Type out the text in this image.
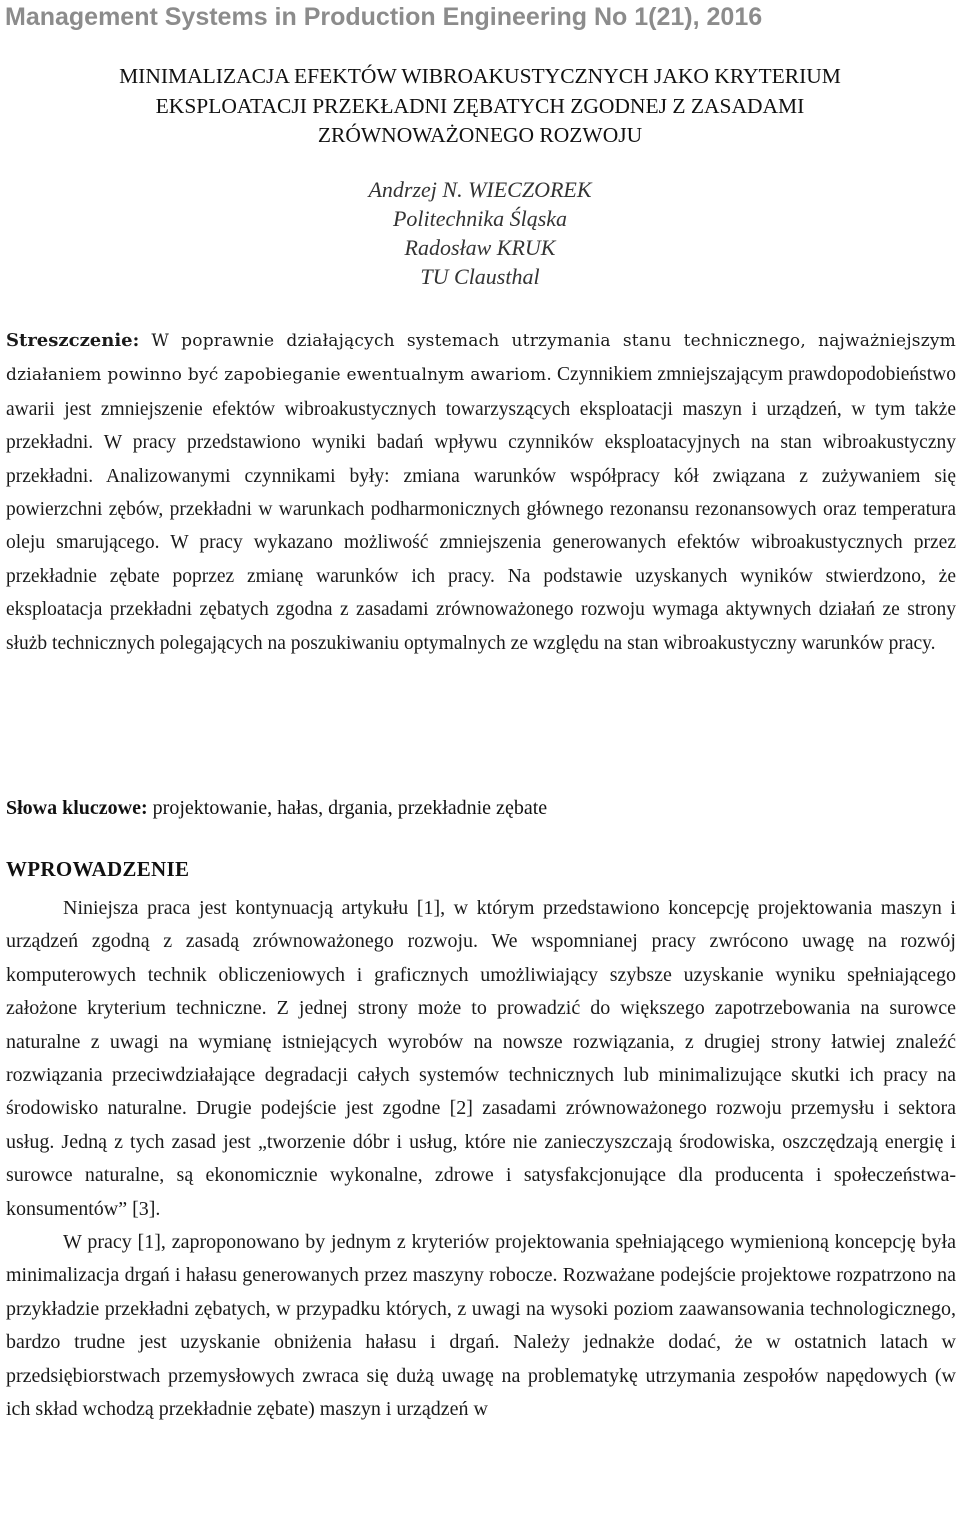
Management Systems in Production Engineering No 1(21), 2016
MINIMALIZACJA EFEKTÓW WIBROAKUSTYCZNYCH JAKO KRYTERIUM
EKSPLOATACJI PRZEKŁADNI ZĘBATYCH ZGODNEJ Z ZASADAMI
ZRÓWNOWAŻONEGO ROZWOJU
Andrzej N. WIECZOREK
Politechnika Śląska
Radosław KRUK
TU Clausthal
Streszczenie: W poprawnie działających systemach utrzymania stanu technicznego, najważniejszym działaniem powinno być zapobieganie ewentualnym awariom. Czynnikiem zmniejszającym prawdopodobieństwo awarii jest zmniejszenie efektów wibroakustycznych towarzyszących eksploatacji maszyn i urządzeń, w tym także przekładni. W pracy przedstawiono wyniki badań wpływu czynników eksploatacyjnych na stan wibroakustyczny przekładni. Analizowanymi czynnikami były: zmiana warunków współpracy kół związana z zużywaniem się powierzchni zębów, przekładni w warunkach podharmonicznych głównego rezonansu rezonansowych oraz temperatura oleju smarującego. W pracy wykazano możliwość zmniejszenia generowanych efektów wibroakustycznych przez przekładnie zębate poprzez zmianę warunków ich pracy. Na podstawie uzyskanych wyników stwierdzono, że eksploatacja przekładni zębatych zgodna z zasadami zrównoważonego rozwoju wymaga aktywnych działań ze strony służb technicznych polegających na poszukiwaniu optymalnych ze względu na stan wibroakustyczny warunków pracy.
Słowa kluczowe: projektowanie, hałas, drgania, przekładnie zębate
WPROWADZENIE

Niniejsza praca jest kontynuacją artykułu [1], w którym przedstawiono koncepcję projektowania maszyn i urządzeń zgodną z zasadą zrównoważonego rozwoju. We wspomnianej pracy zwrócono uwagę na rozwój komputerowych technik obliczeniowych i graficznych umożliwiający szybsze uzyskanie wyniku spełniającego założone kryterium techniczne. Z jednej strony może to prowadzić do większego zapotrzebowania na surowce naturalne z uwagi na wymianę istniejących wyrobów na nowsze rozwiązania, z drugiej strony łatwiej znaleźć rozwiązania przeciwdziałające degradacji całych systemów technicznych lub minimalizujące skutki ich pracy na środowisko naturalne. Drugie podejście jest zgodne [2] zasadami zrównoważonego rozwoju przemysłu i sektora usług. Jedną z tych zasad jest „tworzenie dóbr i usług, które nie zanieczyszczają środowiska, oszczędzają energię i surowce naturalne, są ekonomicznie wykonalne, zdrowe i satysfakcjonujące dla producenta i społeczeństwa-konsumentów” [3].

W pracy [1], zaproponowano by jednym z kryteriów projektowania spełniającego wymienioną koncepcję była minimalizacja drgań i hałasu generowanych przez maszyny robocze. Rozważane podejście projektowe rozpatrzono na przykładzie przekładni zębatych, w przypadku których, z uwagi na wysoki poziom zaawansowania technologicznego, bardzo trudne jest uzyskanie obniżenia hałasu i drgań. Należy jednakże dodać, że w ostatnich latach w przedsiębiorstwach przemysłowych zwraca się dużą uwagę na problematykę utrzymania zespołów napędowych (w ich skład wchodzą przekładnie zębate) maszyn i urządzeń w
